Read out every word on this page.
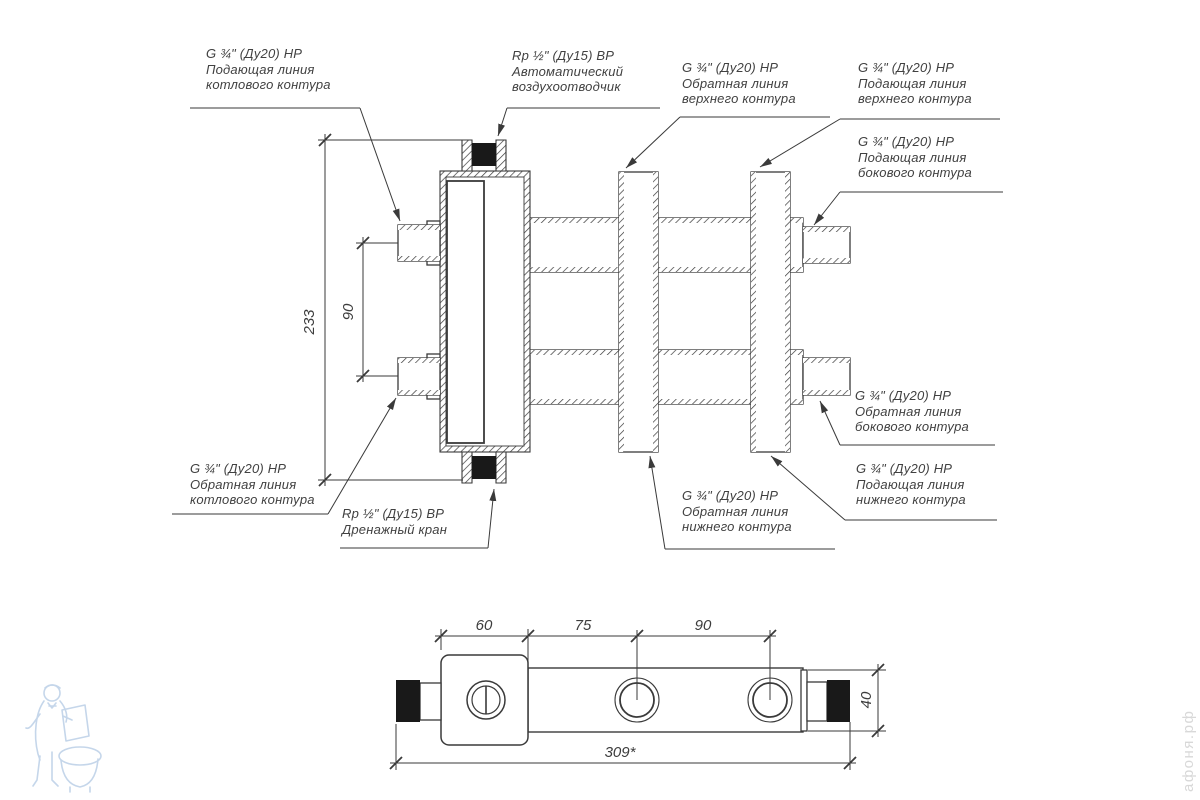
233 90
60	75	90
40
309*	афоня.рф
G ¾" (Ду20) НР
Подающая линия
котлового контура
Rp ½" (Ду15) ВР
Автоматический
воздухоотводчик
G ¾" (Ду20) НР
Обратная линия
верхнего контура
G ¾" (Ду20) НР
Подающая линия
верхнего контура
G ¾" (Ду20) НР
Подающая линия
бокового контура
G ¾" (Ду20) НР
Обратная линия
бокового контура
G ¾" (Ду20) НР
Подающая линия
нижнего контура
G ¾" (Ду20) НР
Обратная линия
нижнего контура
G ¾" (Ду20) НР
Обратная линия
котлового контура
Rp ½" (Ду15) ВР
Дренажный кран
